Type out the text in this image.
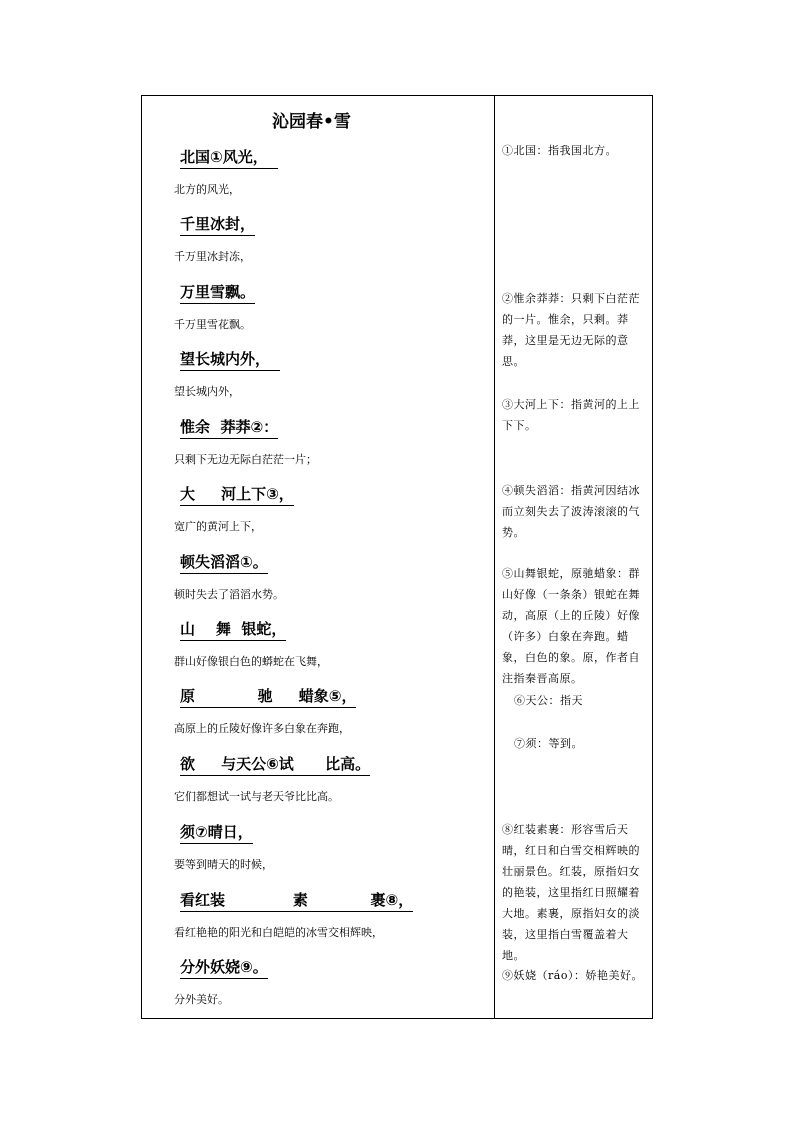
沁园春•雪
北国①风光，
北方的风光，
千里冰封，
千万里冰封冻，
万里雪飘。
千万里雪花飘。
望长城内外，
望长城内外，
惟余  莽莽②：
只剩下无边无际白茫茫一片；
大     河上下③，
宽广的黄河上下，
顿失滔滔①。
顿时失去了滔滔水势。
山    舞  银蛇，
群山好像银白色的蟒蛇在飞舞，
原            驰     蜡象⑤，
高原上的丘陵好像许多白象在奔跑，
欲     与天公⑥试      比高。
它们都想试一试与老天爷比比高。
须⑦晴日，
要等到晴天的时候，
看红装             素            裹⑧，
看红艳艳的阳光和白皑皑的冰雪交相辉映，
分外妖娆⑨。
分外美好。
①北国：指我国北方。
②惟余莽莽：只剩下白茫茫的一片。惟余，只剩。莽莽，这里是无边无际的意思。
③大河上下：指黄河的上上下下。
④顿失滔滔：指黄河因结冰而立刻失去了波涛滚滚的气势。
⑤山舞银蛇，原驰蜡象：群山好像（一条条）银蛇在舞动，高原（上的丘陵）好像（许多）白象在奔跑。蜡象，白色的象。原，作者自注指秦晋高原。
⑥天公：指天
⑦须：等到。
⑧红装素裹：形容雪后天晴，红日和白雪交相辉映的壮丽景色。红装，原指妇女的艳装，这里指红日照耀着大地。素裹，原指妇女的淡装，这里指白雪覆盖着大地。
⑨妖娆（ráo）：娇艳美好。
